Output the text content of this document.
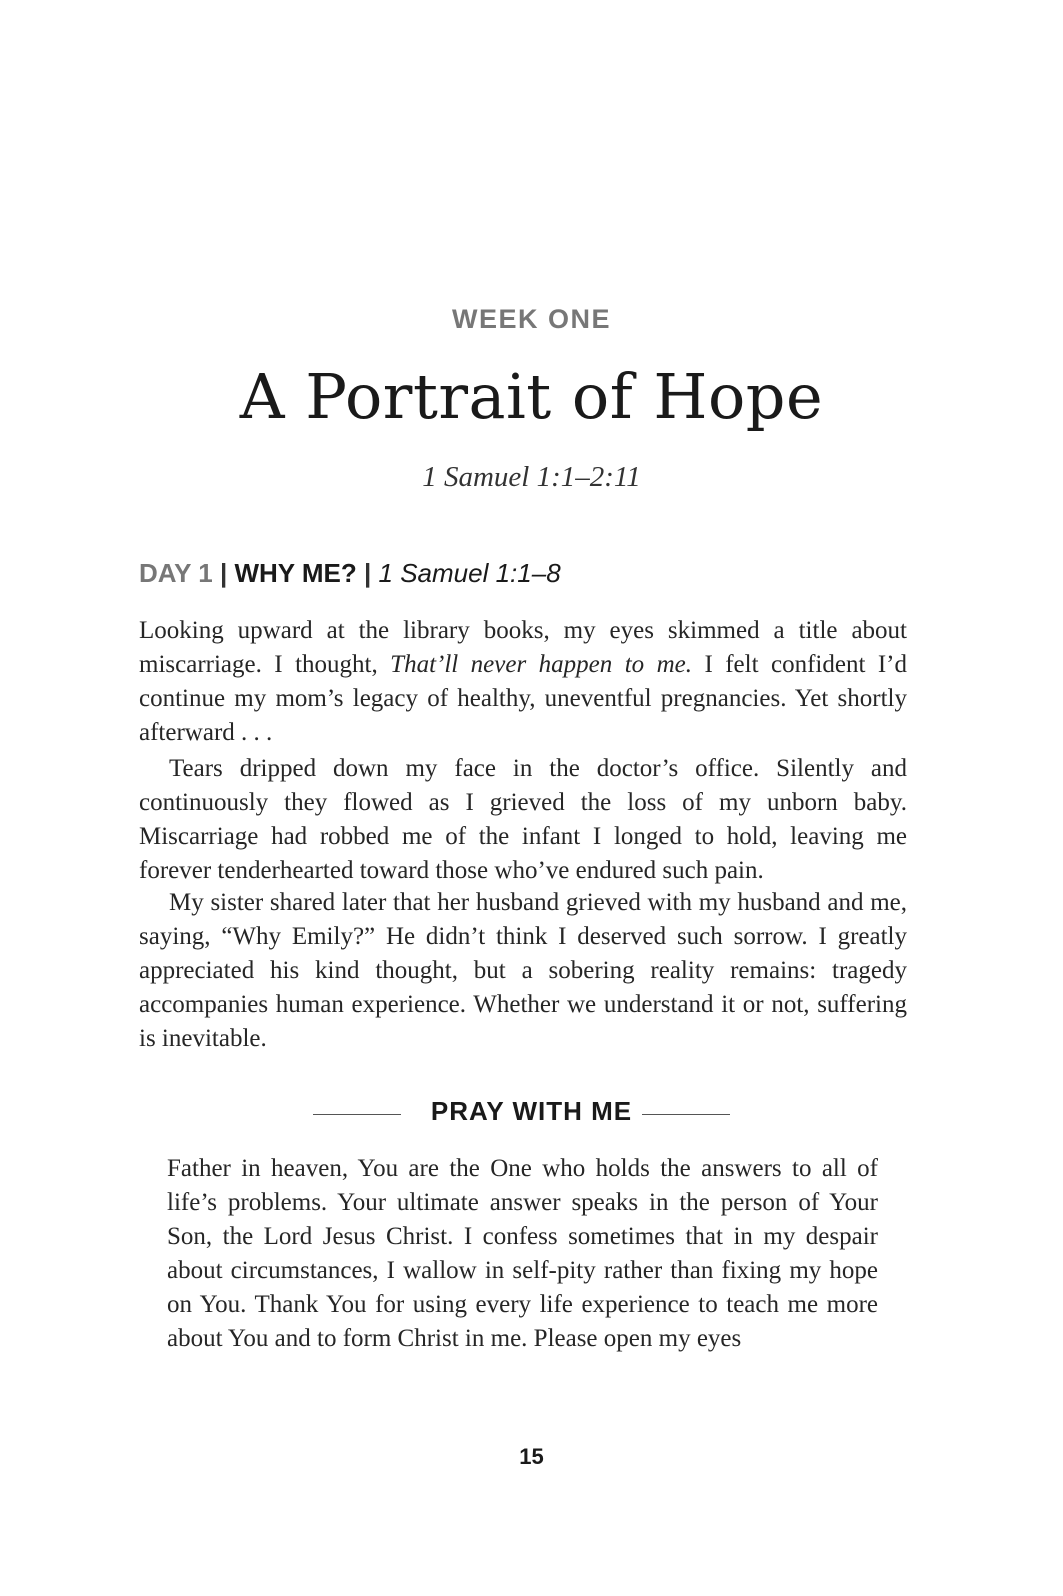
WEEK ONE
A Portrait of Hope
1 Samuel 1:1–2:11
DAY 1 | WHY ME? | 1 Samuel 1:1–8

Looking upward at the library books, my eyes skimmed a title about miscarriage. I thought, That’ll never happen to me. I felt confident I’d continue my mom’s legacy of healthy, uneventful pregnancies. Yet shortly afterward . . .

Tears dripped down my face in the doctor’s office. Silently and continuously they flowed as I grieved the loss of my unborn baby. Miscarriage had robbed me of the infant I longed to hold, leaving me forever tenderhearted toward those who’ve endured such pain.

My sister shared later that her husband grieved with my husband and me, saying, “Why Emily?” He didn’t think I deserved such sorrow. I greatly appreciated his kind thought, but a sobering reality remains: tragedy accompanies human experience. Whether we understand it or not, suffering is inevitable.

PRAY WITH ME
Father in heaven, You are the One who holds the answers to all of life’s problems. Your ultimate answer speaks in the person of Your Son, the Lord Jesus Christ. I confess sometimes that in my despair about circumstances, I wallow in self-pity rather than fixing my hope on You. Thank You for using every life experience to teach me more about You and to form Christ in me. Please open my eyes
15
